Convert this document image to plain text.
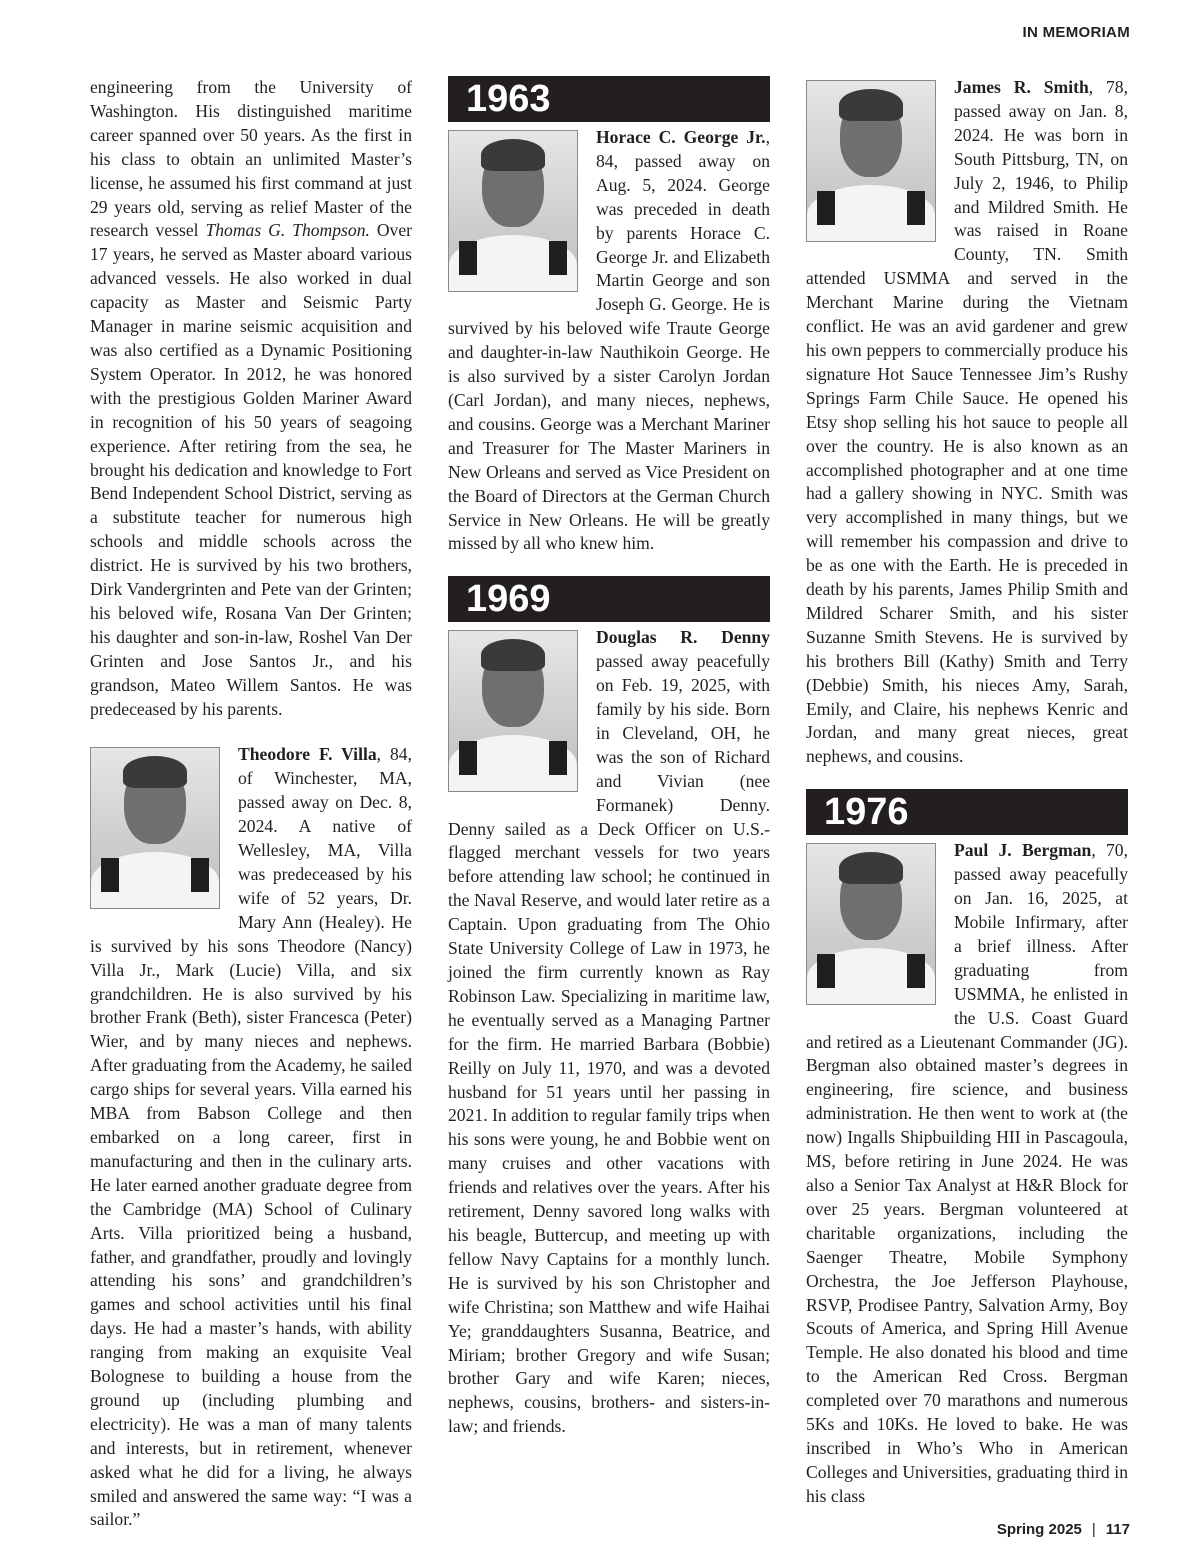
IN MEMORIAM

engineering from the University of Washington. His distinguished maritime career spanned over 50 years. As the first in his class to obtain an unlimited Master’s license, he assumed his first command at just 29 years old, serving as relief Master of the research vessel Thomas G. Thompson. Over 17 years, he served as Master aboard various advanced vessels. He also worked in dual capacity as Master and Seismic Party Manager in marine seismic acquisition and was also certified as a Dynamic Positioning System Operator. In 2012, he was honored with the prestigious Golden Mariner Award in recognition of his 50 years of seagoing experience. After retiring from the sea, he brought his dedication and knowledge to Fort Bend Independent School District, serving as a substitute teacher for numerous high schools and middle schools across the district. He is survived by his two brothers, Dirk Vandergrinten and Pete van der Grinten; his beloved wife, Rosana Van Der Grinten; his daughter and son-in-law, Roshel Van Der Grinten and Jose Santos Jr., and his grandson, Mateo Willem Santos. He was predeceased by his parents.

Theodore F. Villa, 84, of Winchester, MA, passed away on Dec. 8, 2024. A native of Wellesley, MA, Villa was predeceased by his wife of 52 years, Dr. Mary Ann (Healey). He is survived by his sons Theodore (Nancy) Villa Jr., Mark (Lucie) Villa, and six grandchildren. He is also survived by his brother Frank (Beth), sister Francesca (Peter) Wier, and by many nieces and nephews. After graduating from the Academy, he sailed cargo ships for several years. Villa earned his MBA from Babson College and then embarked on a long career, first in manufacturing and then in the culinary arts. He later earned another graduate degree from the Cambridge (MA) School of Culinary Arts. Villa prioritized being a husband, father, and grandfather, proudly and lovingly attending his sons’ and grandchildren’s games and school activities until his final days. He had a master’s hands, with ability ranging from making an exquisite Veal Bolognese to building a house from the ground up (including plumbing and electricity). He was a man of many talents and interests, but in retirement, whenever asked what he did for a living, he always smiled and answered the same way: “I was a sailor.”

1963

Horace C. George Jr., 84, passed away on Aug. 5, 2024. George was preceded in death by parents Horace C. George Jr. and Elizabeth Martin George and son Joseph G. George. He is survived by his beloved wife Traute George and daughter-in-law Nauthikoin George. He is also survived by a sister Carolyn Jordan (Carl Jordan), and many nieces, nephews, and cousins. George was a Merchant Mariner and Treasurer for The Master Mariners in New Orleans and served as Vice President on the Board of Directors at the German Church Service in New Orleans. He will be greatly missed by all who knew him.

1969

Douglas R. Denny passed away peacefully on Feb. 19, 2025, with family by his side. Born in Cleveland, OH, he was the son of Richard and Vivian (nee Formanek) Denny. Denny sailed as a Deck Officer on U.S.-flagged merchant vessels for two years before attending law school; he continued in the Naval Reserve, and would later retire as a Captain. Upon graduating from The Ohio State University College of Law in 1973, he joined the firm currently known as Ray Robinson Law. Specializing in maritime law, he eventually served as a Managing Partner for the firm. He married Barbara (Bobbie) Reilly on July 11, 1970, and was a devoted husband for 51 years until her passing in 2021. In addition to regular family trips when his sons were young, he and Bobbie went on many cruises and other vacations with friends and relatives over the years. After his retirement, Denny savored long walks with his beagle, Buttercup, and meeting up with fellow Navy Captains for a monthly lunch. He is survived by his son Christopher and wife Christina; son Matthew and wife Haihai Ye; granddaughters Susanna, Beatrice, and Miriam; brother Gregory and wife Susan; brother Gary and wife Karen; nieces, nephews, cousins, brothers- and sisters-in-law; and friends.

James R. Smith, 78, passed away on Jan. 8, 2024. He was born in South Pittsburg, TN, on July 2, 1946, to Philip and Mildred Smith. He was raised in Roane County, TN. Smith attended USMMA and served in the Merchant Marine during the Vietnam conflict. He was an avid gardener and grew his own peppers to commercially produce his signature Hot Sauce Tennessee Jim’s Rushy Springs Farm Chile Sauce. He opened his Etsy shop selling his hot sauce to people all over the country. He is also known as an accomplished photographer and at one time had a gallery showing in NYC. Smith was very accomplished in many things, but we will remember his compassion and drive to be as one with the Earth. He is preceded in death by his parents, James Philip Smith and Mildred Scharer Smith, and his sister Suzanne Smith Stevens. He is survived by his brothers Bill (Kathy) Smith and Terry (Debbie) Smith, his nieces Amy, Sarah, Emily, and Claire, his nephews Kenric and Jordan, and many great nieces, great nephews, and cousins.

1976

Paul J. Bergman, 70, passed away peacefully on Jan. 16, 2025, at Mobile Infirmary, after a brief illness. After graduating from USMMA, he enlisted in the U.S. Coast Guard and retired as a Lieutenant Commander (JG). Bergman also obtained master’s degrees in engineering, fire science, and business administration. He then went to work at (the now) Ingalls Shipbuilding HII in Pascagoula, MS, before retiring in June 2024. He was also a Senior Tax Analyst at H&R Block for over 25 years. Bergman volunteered at charitable organizations, including the Saenger Theatre, Mobile Symphony Orchestra, the Joe Jefferson Playhouse, RSVP, Prodisee Pantry, Salvation Army, Boy Scouts of America, and Spring Hill Avenue Temple. He also donated his blood and time to the American Red Cross. Bergman completed over 70 marathons and numerous 5Ks and 10Ks. He loved to bake. He was inscribed in Who’s Who in American Colleges and Universities, graduating third in his class

Spring 2025 | 117
